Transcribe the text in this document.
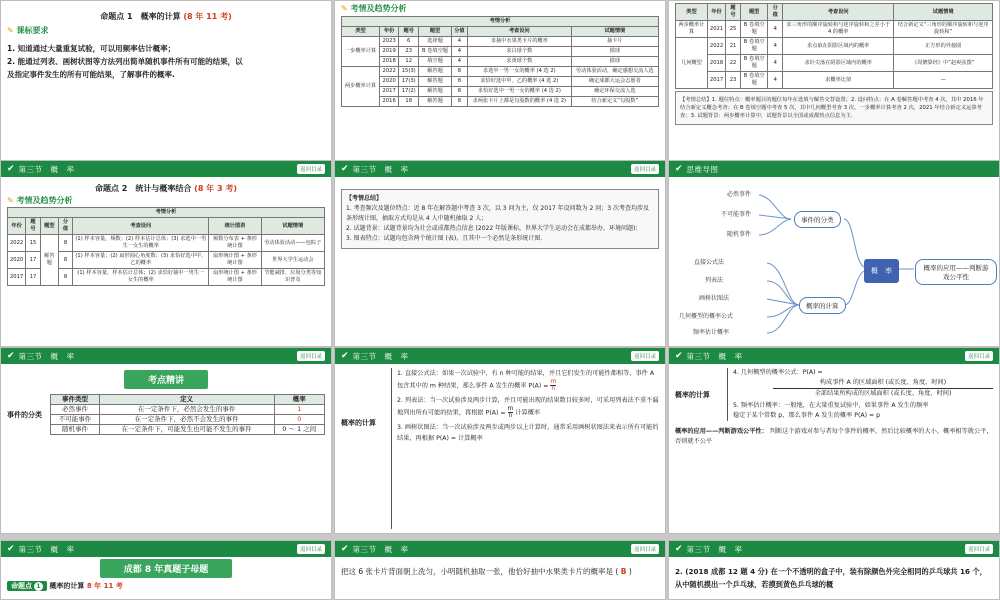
命题点 1　概率的计算 (8 年 11 考)
✎ 课标要求
1. 知道通过大量重复试验，可以用频率估计概率；
2. 能通过列表、画树状图等方法列出简单随机事件所有可能的结果，以
及指定事件发生的所有可能结果，了解事件的概率.
✎ 考情及趋势分析
考情分析						
类型	年份	题号	题型	分值	考查设问	试题情境
一步概率计算	2023	6	选择题	4	求抽中水果类卡片的概率	抽卡片
	2019	23	B 卷填空题	4	求白球个数	摸球
	2018	12	填空题	4	求黄球个数	摸球
两步概率计算	2022	15(3)	解答题	8	求选中一男一女的概率 (4 选 2)	劳动体验活动，确定感想交流人选
	2020	17(3)	解答题	8	求恰好选中甲、乙的概率 (4 选 2)	确定成都大运会志愿者
	2017	17(2)	解答题	8	求恰好选中一男一女的概率 (4 选 2)	确定环保交流人选
	2016	18	解答题	8	求两张卡片上都是勾股数的概率 (4 选 2)	结合新定义“勾股数”
类型	年份	题号	题型	分值	考查设问	试题情境
两步概率计算	2021	25	B 卷填空题	4	求三角形的顺序旋转和与逆序旋转和之差小于 4 的概率	结合新定义“三角形的顺序旋转和与逆序旋转和”
几何概型	2022	21	B 卷填空题	4	求点取在阴影区域内的概率	正方形的外接圆
	2018	22	B 卷填空题	4	求针尖落在阴影区域内的概率	《周髀算经》中“赵爽弦图”
	2017	23	B 卷填空题	4	求概率比值	—
【考情总结】1. 题位特点：概率题目的题位每年在选填与解答交替设置；2. 设问特点：在 A 卷解答题中考查 4 次，其中 2016 年结合新定义概念考查；在 B 卷填空题中考查 5 次，其中几何概型考查 3 次，一步概率计算考查 2 次，2021 年结合新定义运算考查；3. 试题背景：两步概率计算中，试题背景以全国或成都热点信息为主.
✔ 第三节　概　率	返回目录
命题点 2　统计与概率结合 (8 年 3 考)
✎ 考情及趋势分析
考情分析						
年份	题号	题型	分值	考查设问	统计图表	试题情境
2022	15	解答题	8	(1) 样本容量，频数；(2) 样本估计总体；(3) 求选中一男生一女生的概率	频数分布表 + 条形统计图	劳动体验活动——包粽子
2020	17		8	(1) 样本容量；(2) 扇形圆心角度数；(3) 求恰好选中甲、乙的概率	扇形统计图 + 条形统计图	世界大学生运动会
2017	17		8	(1) 样本容量，样本估计总体；(2) 求恰好抽中一男生一女生的概率	扇形统计图 + 条形统计图	节能减排、垃圾分类等知识普及
✔ 第三节　概　率	返回目录
【考情总结】
1. 考查频次及题位特点：近 8 年在解答题中考查 3 次，以 3 问为主，仅 2017 年设问数为 2 问；3 次考查均涉及条形统计图，抽取方式均是从 4 人中随机抽取 2 人；
2. 试题背景：试题背景均为社会或成都热点信息 (2022 年版课标，世界大学生运动会在成都举办，环境问题)；
3. 图表特点：试题均包含两个统计图 (表)，且其中一个必然是条形统计图.
✔ 思维导图
必然事件
不可能事件
随机事件
事件的分类
概　率	概率的应用——判断游戏公平性
概率的计算
直接公式法
列表法
画树状图法
几何概型的概率公式
频率估计概率
✔ 第三节　概　率	返回目录
考点精讲
事件的分类
事件类型	定义	概率
必然事件	在一定条件下，必然会发生的事件	1
不可能事件	在一定条件下，必然不会发生的事件	0
随机事件	在一定条件下，可能发生也可能不发生的事件	0 ～ 1 之间
✔ 第三节　概　率	返回目录
概率的计算
1. 直接公式法：如果一次试验中，有 n 种可能的结果，并且它们发生的可能性都相等，事件 A 包含其中的 m 种结果，那么事件 A 发生的概率 $P(A) = \frac{m}{n}$
2. 列表法：当一次试验涉及两步计算，并且可能出现的结果数目较多时，可采用列表法不重不漏地列出所有可能的结果，再根据 $P(A) = \frac{m}{n}$ 计算概率
3. 画树状图法：当一次试验涉及两步或两步以上计算时，通常采用画树状图法来表示所有可能的结果，再根据 P(A) = 计算概率
✔ 第三节　概　率	返回目录
概率的计算
4. 几何概型的概率公式：P(A) =
构成事件 A 的区域面积 (或长度、角度、时间)
全部结果所构成的区域面积 (或长度、角度、时间)
5. 频率估计概率：一般地，在大量重复试验中，如果事件 A 发生的频率
稳定于某个常数 p，那么事件 A 发生的概率 P(A) = p
概率的应用——判断游戏公平性： 判断这个游戏对参与者每个事件的概率，然后比较概率的大小，概率相等就公平，否则就不公平
✔ 第三节　概　率	返回目录
成都 8 年真题子母题
命题点 1 概率的计算 8 年 11 考
✔ 第三节　概　率	返回目录
把这 6 张卡片背面朝上洗匀，小明随机抽取一张，他恰好抽中水果类卡片的概率是 ( B )
✔ 第三节　概　率	返回目录
2. (2018 成都 12 题 4 分) 在一个不透明的盒子中，装有除颜色外完全相同的乒乓球共 16 个，从中随机摸出一个乒乓球，若摸到黄色乒乓球的概
